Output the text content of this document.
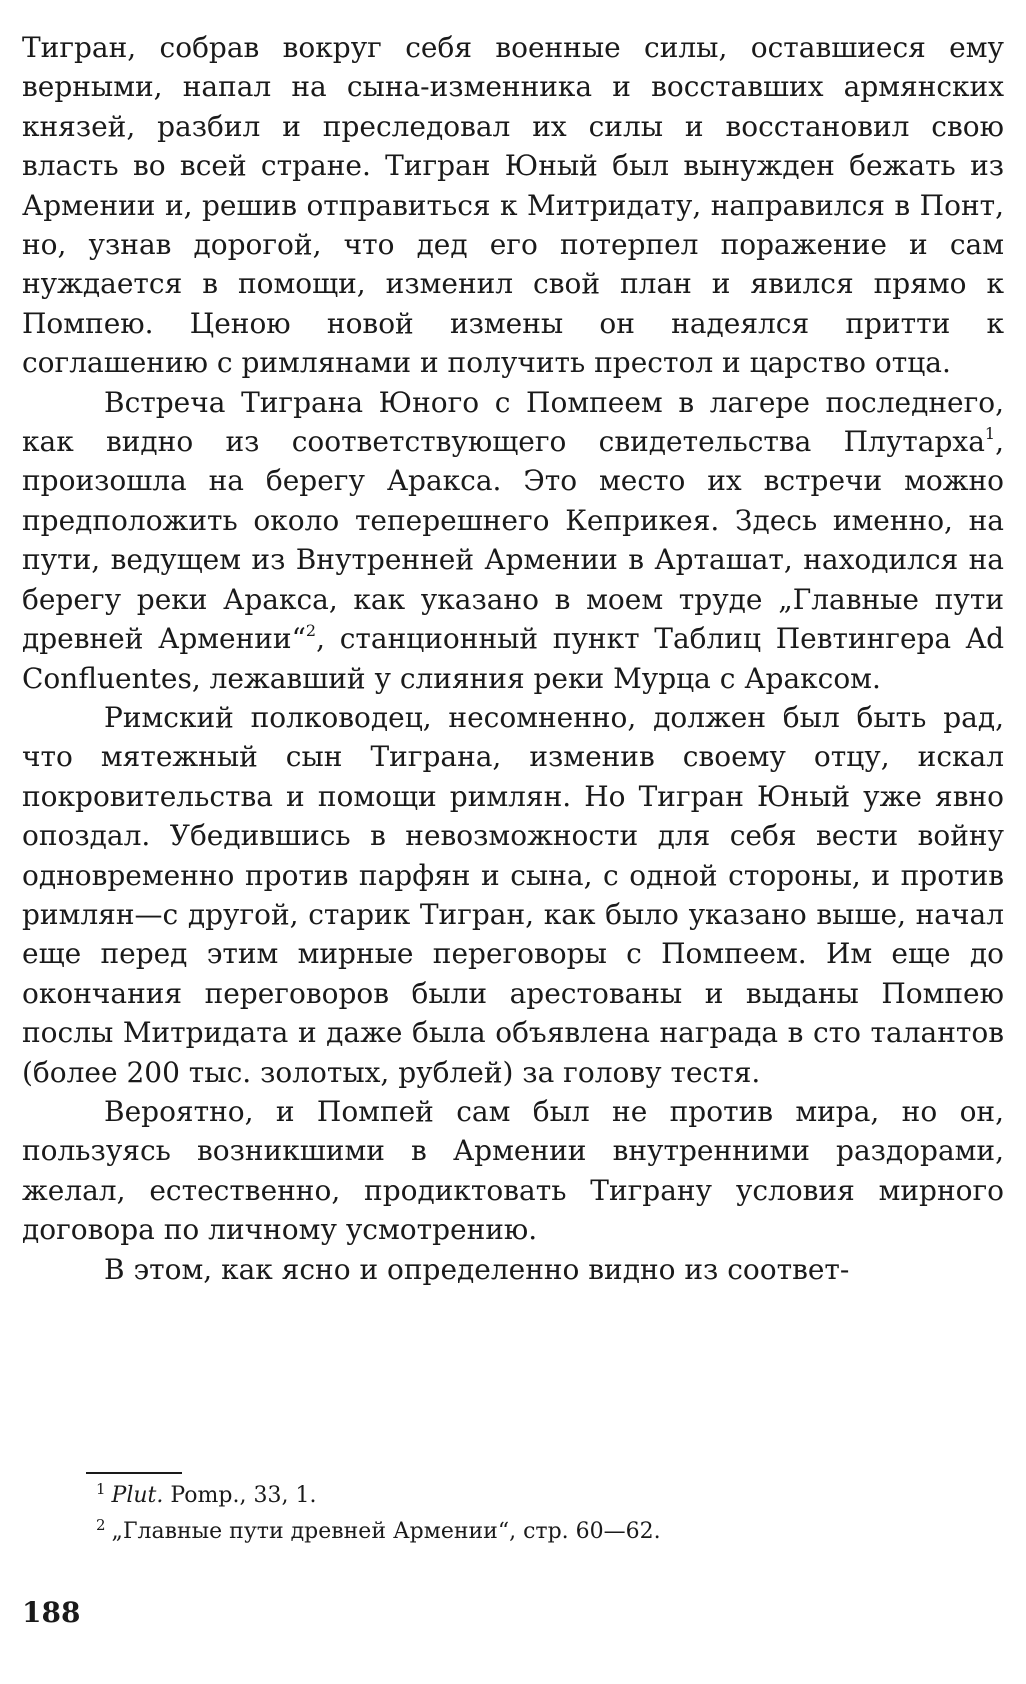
Тигран, собрав вокруг себя военные силы, оставшиеся ему верными, напал на сына-изменника и восставших армянских князей, разбил и преследовал их силы и восстановил свою власть во всей стране. Тигран Юный был вынужден бежать из Армении и, решив отправиться к Митридату, направился в Понт, но, узнав дорогой, что дед его потерпел поражение и сам нуждается в помощи, изменил свой план и явился прямо к Помпею. Ценою новой измены он надеялся притти к соглашению с римлянами и получить престол и царство отца.

Встреча Тиграна Юного с Помпеем в лагере последнего, как видно из соответствующего свидетельства Плутарха$^1$, произошла на берегу Аракса. Это место их встречи можно предположить около теперешнего Кеприкея. Здесь именно, на пути, ведущем из Внутренней Армении в Арташат, находился на берегу реки Аракса, как указано в моем труде „Главные пути древней Армении“$^2$, станционный пункт Таблиц Певтингера Ad Confluentes, лежавший у слияния реки Мурца с Араксом.

Римский полководец, несомненно, должен был быть рад, что мятежный сын Тиграна, изменив своему отцу, искал покровительства и помощи римлян. Но Тигран Юный уже явно опоздал. Убедившись в невозможности для себя вести войну одновременно против парфян и сына, с одной стороны, и против римлян—с другой, старик Тигран, как было указано выше, начал еще перед этим мирные переговоры с Помпеем. Им еще до окончания переговоров были арестованы и выданы Помпею послы Митридата и даже была объявлена награда в сто талантов (более 200 тыс. золотых, рублей) за голову тестя.

Вероятно, и Помпей сам был не против мира, но он, пользуясь возникшими в Армении внутренними раздорами, желал, естественно, продиктовать Тиграну условия мирного договора по личному усмотрению.

В этом, как ясно и определенно видно из соответ-

$^1$ Plut. Pomp., 33, 1.

$^2$ „Главные пути древней Армении“, стр. 60—62.

188
